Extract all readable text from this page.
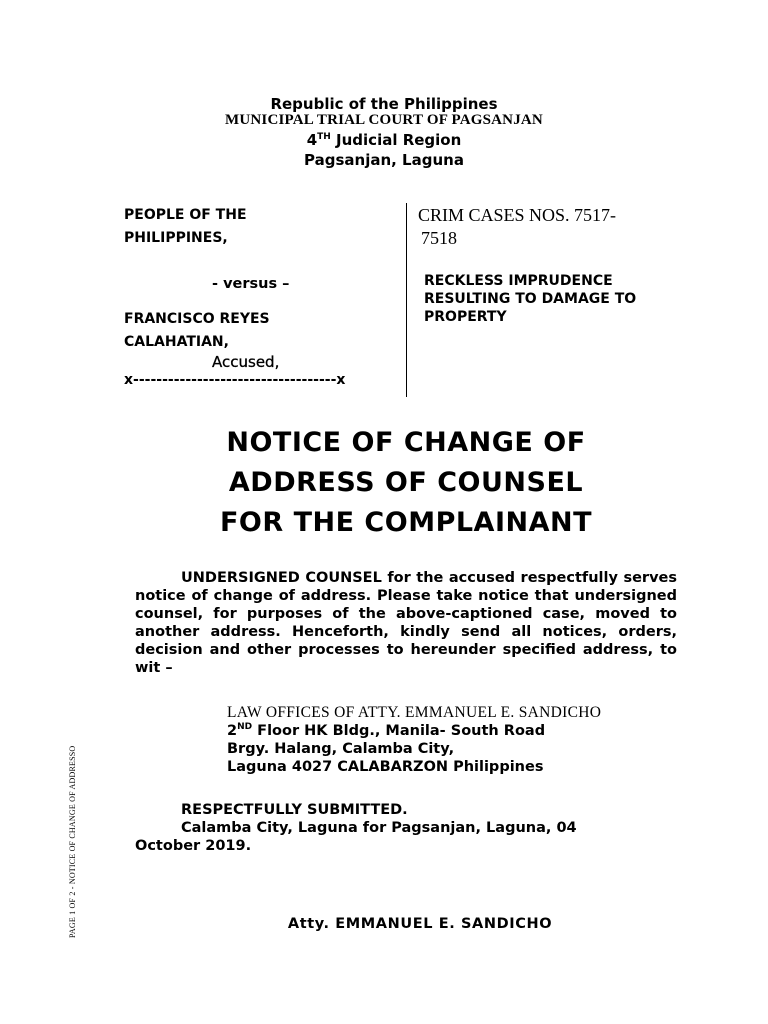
Republic of the Philippines
MUNICIPAL TRIAL COURT OF PAGSANJAN
4TH Judicial Region
Pagsanjan, Laguna
PEOPLE OF THE
PHILIPPINES,
- versus –
FRANCISCO REYES
CALAHATIAN,
Accused,
x-----------------------------------x
CRIM CASES NOS. 7517-
7518
RECKLESS IMPRUDENCE
RESULTING TO DAMAGE TO
PROPERTY
NOTICE OF CHANGE OF
ADDRESS OF COUNSEL
FOR THE COMPLAINANT
UNDERSIGNED COUNSEL for the accused respectfully serves notice of change of address. Please take notice that undersigned counsel, for purposes of the above-captioned case, moved to another address. Henceforth, kindly send all notices, orders, decision and other processes to hereunder specified address, to wit –
LAW OFFICES OF ATTY. EMMANUEL E. SANDICHO
2ND Floor HK Bldg., Manila- South Road
Brgy. Halang, Calamba City,
Laguna 4027 CALABARZON Philippines
RESPECTFULLY SUBMITTED.
Calamba City, Laguna for Pagsanjan, Laguna, 04
October 2019.
Atty. EMMANUEL E. SANDICHO
PAGE 1 OF 2 - NOTICE OF CHANGE OF ADDRESSO
